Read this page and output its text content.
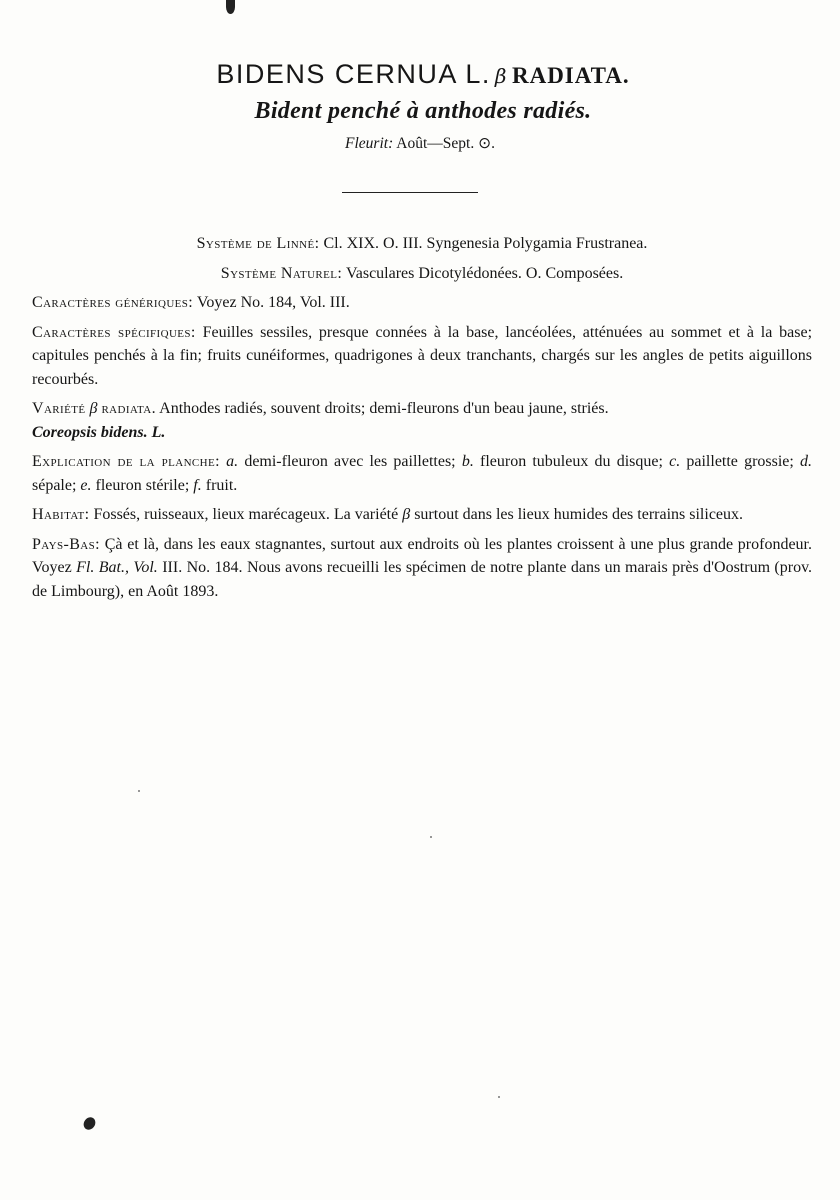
BIDENS CERNUA L. β RADIATA.
Bident penché à anthodes radiés.
Fleurit: Août—Sept. ⊙.
Système de Linné: Cl. XIX. O. III. Syngenesia Polygamia Frustranea.
Système Naturel: Vasculares Dicotylédonées. O. Composées.

Caractères génériques: Voyez No. 184, Vol. III.

Caractères spécifiques: Feuilles sessiles, presque connées à la base, lancéolées, atténuées au sommet et à la base; capitules penchés à la fin; fruits cunéiformes, quadrigones à deux tranchants, chargés sur les angles de petits aiguillons recourbés.

Variété β radiata. Anthodes radiés, souvent droits; demi-fleurons d'un beau jaune, striés.
Coreopsis bidens. L.

Explication de la planche: a. demi-fleuron avec les paillettes; b. fleuron tubuleux du disque; c. paillette grossie; d. sépale; e. fleuron stérile; f. fruit.

Habitat: Fossés, ruisseaux, lieux marécageux. La variété β surtout dans les lieux humides des terrains siliceux.

Pays-Bas: Çà et là, dans les eaux stagnantes, surtout aux endroits où les plantes croissent à une plus grande profondeur. Voyez Fl. Bat., Vol. III. No. 184. Nous avons recueilli les spécimen de notre plante dans un marais près d'Oostrum (prov. de Limbourg), en Août 1893.
